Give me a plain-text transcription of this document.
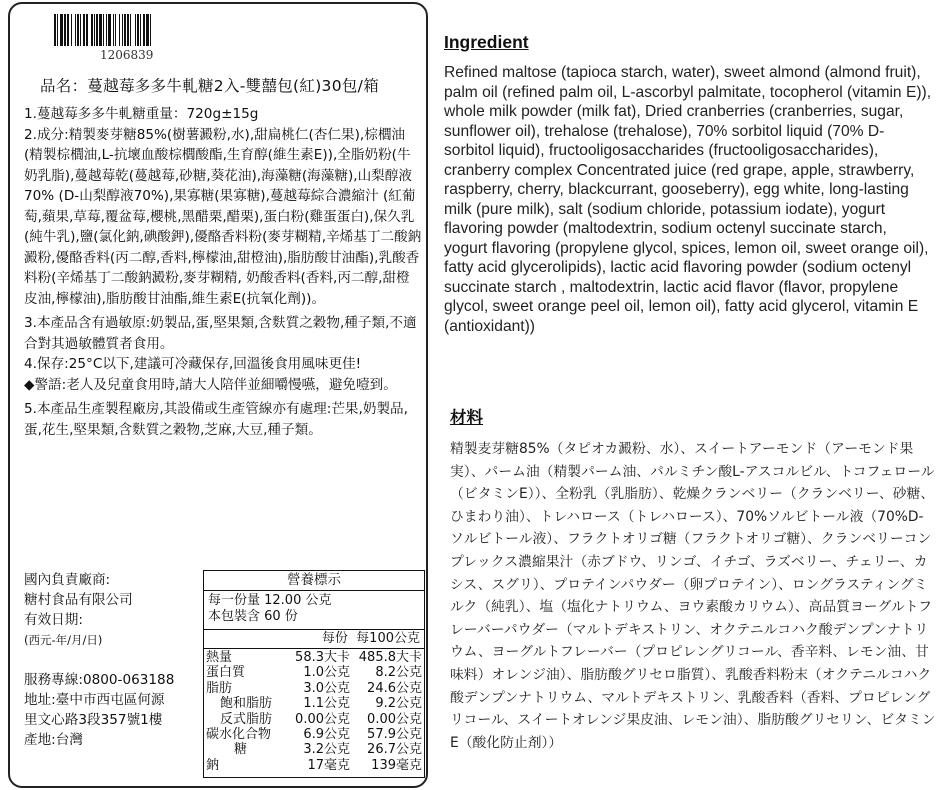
1206839
品名：蔓越莓多多牛軋糖2入-雙囍包(紅)30包/箱

1.蔓越莓多多牛軋糖重量：720g±15g

2.成分:精製麥芽糖85%(樹薯澱粉,水),甜扁桃仁(杏仁果),棕櫚油(精製棕櫚油,L-抗壞血酸棕櫚酸酯,生育醇(維生素E)),全脂奶粉(牛奶乳脂),蔓越莓乾(蔓越莓,砂糖,葵花油),海藻糖(海藻糖),山梨醇液70% (D-山梨醇液70%),果寡糖(果寡糖),蔓越莓綜合濃縮汁 (紅葡萄,蘋果,草莓,覆盆莓,櫻桃,黑醋栗,醋栗),蛋白粉(雞蛋蛋白),保久乳(純牛乳),鹽(氯化鈉,碘酸鉀),優酪香料粉(麥芽糊精,辛烯基丁二酸鈉澱粉,優酪香料(丙二醇,香料,檸檬油,甜橙油),脂肪酸甘油酯),乳酸香料粉(辛烯基丁二酸鈉澱粉,麥芽糊精, 奶酸香料(香料,丙二醇,甜橙皮油,檸檬油),脂肪酸甘油酯,維生素E(抗氧化劑))。

3.本產品含有過敏原:奶製品,蛋,堅果類,含麩質之穀物,種子類,不適合對其過敏體質者食用。

4.保存:25°C以下,建議可冷藏保存,回溫後食用風味更佳!

◆警語:老人及兒童食用時,請大人陪伴並細嚼慢嚥，避免噎到。

5.本產品生產製程廠房,其設備或生產管線亦有處理:芒果,奶製品,蛋,花生,堅果類,含麩質之穀物,芝麻,大豆,種子類。

國內負責廠商:
糖村食品有限公司
有效日期:
(西元-年/月/日)
服務專線:0800-063188
地址:臺中市西屯區何源
里文心路3段357號1樓
產地:台灣
營養標示
每一份量 12.00 公克
本包裝含 60 份
每份 每100公克
熱量	58.3大卡 485.8大卡
蛋白質	1.0公克	8.2公克
脂肪	3.0公克	24.6公克
飽和脂肪	1.1公克	9.2公克
反式脂肪	0.00公克	0.00公克
碳水化合物	6.9公克	57.9公克
糖	3.2公克	26.7公克
鈉	17毫克	139毫克
Ingredient
Refined maltose (tapioca starch, water), sweet almond (almond fruit), palm oil (refined palm oil, L-ascorbyl palmitate, tocopherol (vitamin E)), whole milk powder (milk fat), Dried cranberries (cranberries, sugar, sunflower oil), trehalose (trehalose), 70% sorbitol liquid (70% D-sorbitol liquid), fructooligosaccharides (fructooligosaccharides), cranberry complex Concentrated juice (red grape, apple, strawberry, raspberry, cherry, blackcurrant, gooseberry), egg white, long-lasting milk (pure milk), salt (sodium chloride, potassium iodate), yogurt flavoring powder (maltodextrin, sodium octenyl succinate starch, yogurt flavoring (propylene glycol, spices, lemon oil, sweet orange oil), fatty acid glycerolipids), lactic acid flavoring powder (sodium octenyl succinate starch , maltodextrin, lactic acid flavor (flavor, propylene glycol, sweet orange peel oil, lemon oil), fatty acid glycerol, vitamin E (antioxidant))
材料
精製麦芽糖85%（タピオカ澱粉、水）、スイートアーモンド（アーモンド果実）、パーム油（精製パーム油、パルミチン酸L-アスコルビル、トコフェロール（ビタミンE））、全粉乳（乳脂肪）、乾燥クランベリー（クランベリー、砂糖、ひまわり油）、トレハロース（トレハロース）、70%ソルビトール液（70%D-ソルビトール液）、フラクトオリゴ糖（フラクトオリゴ糖）、クランベリーコンプレックス濃縮果汁（赤ブドウ、リンゴ、イチゴ、ラズベリー、チェリー、カシス、スグリ）、プロテインパウダー（卵プロテイン）、ロングラスティングミルク（純乳）、塩（塩化ナトリウム、ヨウ素酸カリウム）、高品質ヨーグルトフレーバーパウダー（マルトデキストリン、オクテニルコハク酸デンプンナトリウム、ヨーグルトフレーバー（プロピレングリコール、香辛料、レモン油、甘味料）オレンジ油）、脂肪酸グリセロ脂質）、乳酸香料粉末（オクテニルコハク酸デンプンナトリウム、マルトデキストリン、乳酸香料（香料、プロピレングリコール、スイートオレンジ果皮油、レモン油）、脂肪酸グリセリン、ビタミンE（酸化防止剤））
